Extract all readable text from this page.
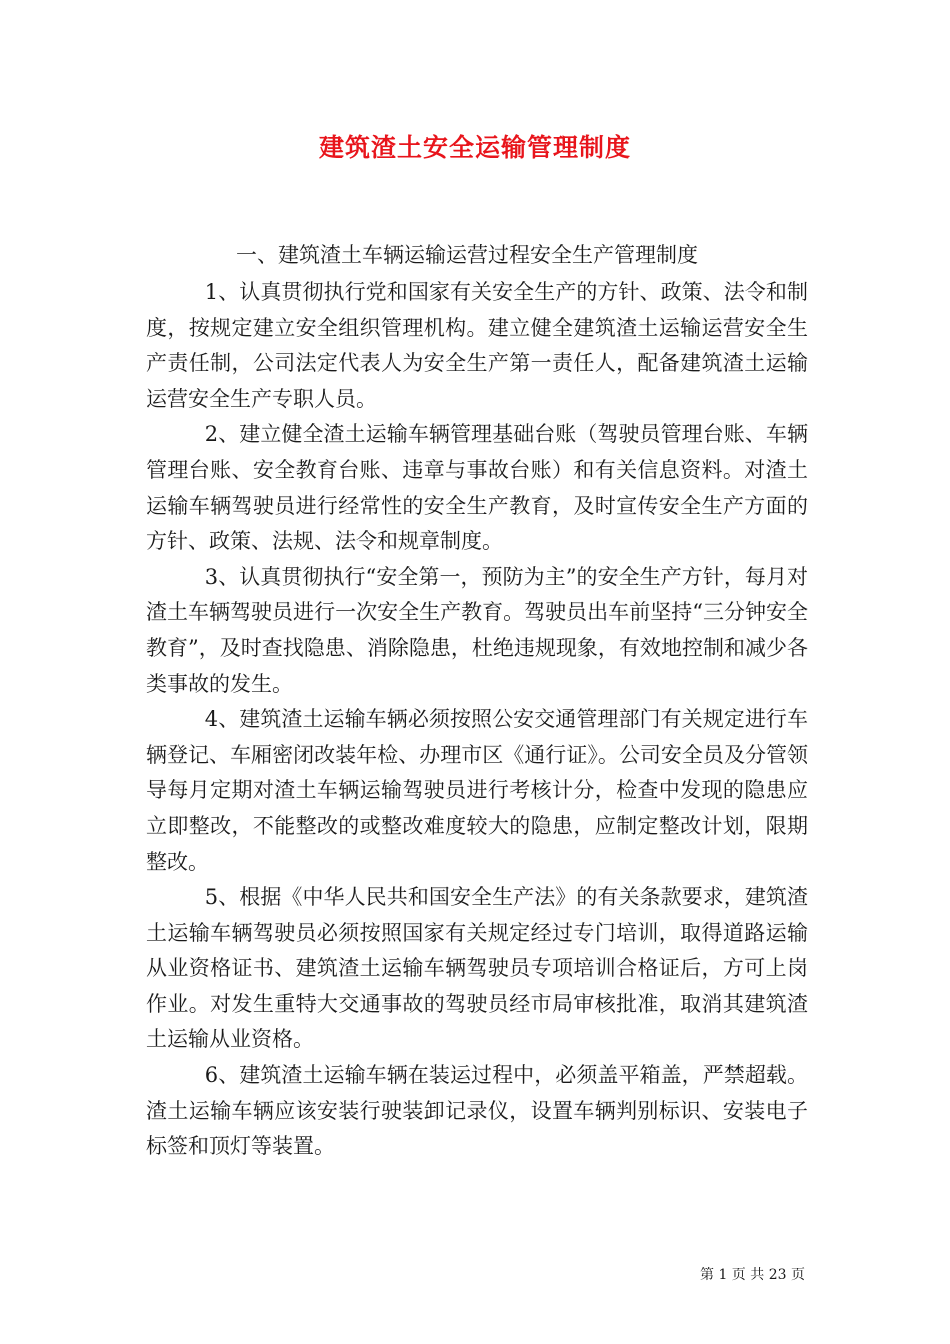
建筑渣土安全运输管理制度
一、建筑渣土车辆运输运营过程安全生产管理制度

1、认真贯彻执行党和国家有关安全生产的方针、政策、法令和制度，按规定建立安全组织管理机构。建立健全建筑渣土运输运营安全生产责任制，公司法定代表人为安全生产第一责任人，配备建筑渣土运输运营安全生产专职人员。

2、建立健全渣土运输车辆管理基础台账（驾驶员管理台账、车辆管理台账、安全教育台账、违章与事故台账）和有关信息资料。对渣土运输车辆驾驶员进行经常性的安全生产教育，及时宣传安全生产方面的方针、政策、法规、法令和规章制度。

3、认真贯彻执行“安全第一，预防为主”的安全生产方针，每月对渣土车辆驾驶员进行一次安全生产教育。驾驶员出车前坚持“三分钟安全教育”，及时查找隐患、消除隐患，杜绝违规现象，有效地控制和减少各类事故的发生。

4、建筑渣土运输车辆必须按照公安交通管理部门有关规定进行车辆登记、车厢密闭改装年检、办理市区《通行证》。公司安全员及分管领导每月定期对渣土车辆运输驾驶员进行考核计分，检查中发现的隐患应立即整改，不能整改的或整改难度较大的隐患，应制定整改计划，限期整改。

5、根据《中华人民共和国安全生产法》的有关条款要求，建筑渣土运输车辆驾驶员必须按照国家有关规定经过专门培训，取得道路运输从业资格证书、建筑渣土运输车辆驾驶员专项培训合格证后，方可上岗作业。对发生重特大交通事故的驾驶员经市局审核批准，取消其建筑渣土运输从业资格。

6、建筑渣土运输车辆在装运过程中，必须盖平箱盖，严禁超载。渣土运输车辆应该安装行驶装卸记录仪，设置车辆判别标识、安装电子标签和顶灯等装置。

第 1 页 共 23 页
